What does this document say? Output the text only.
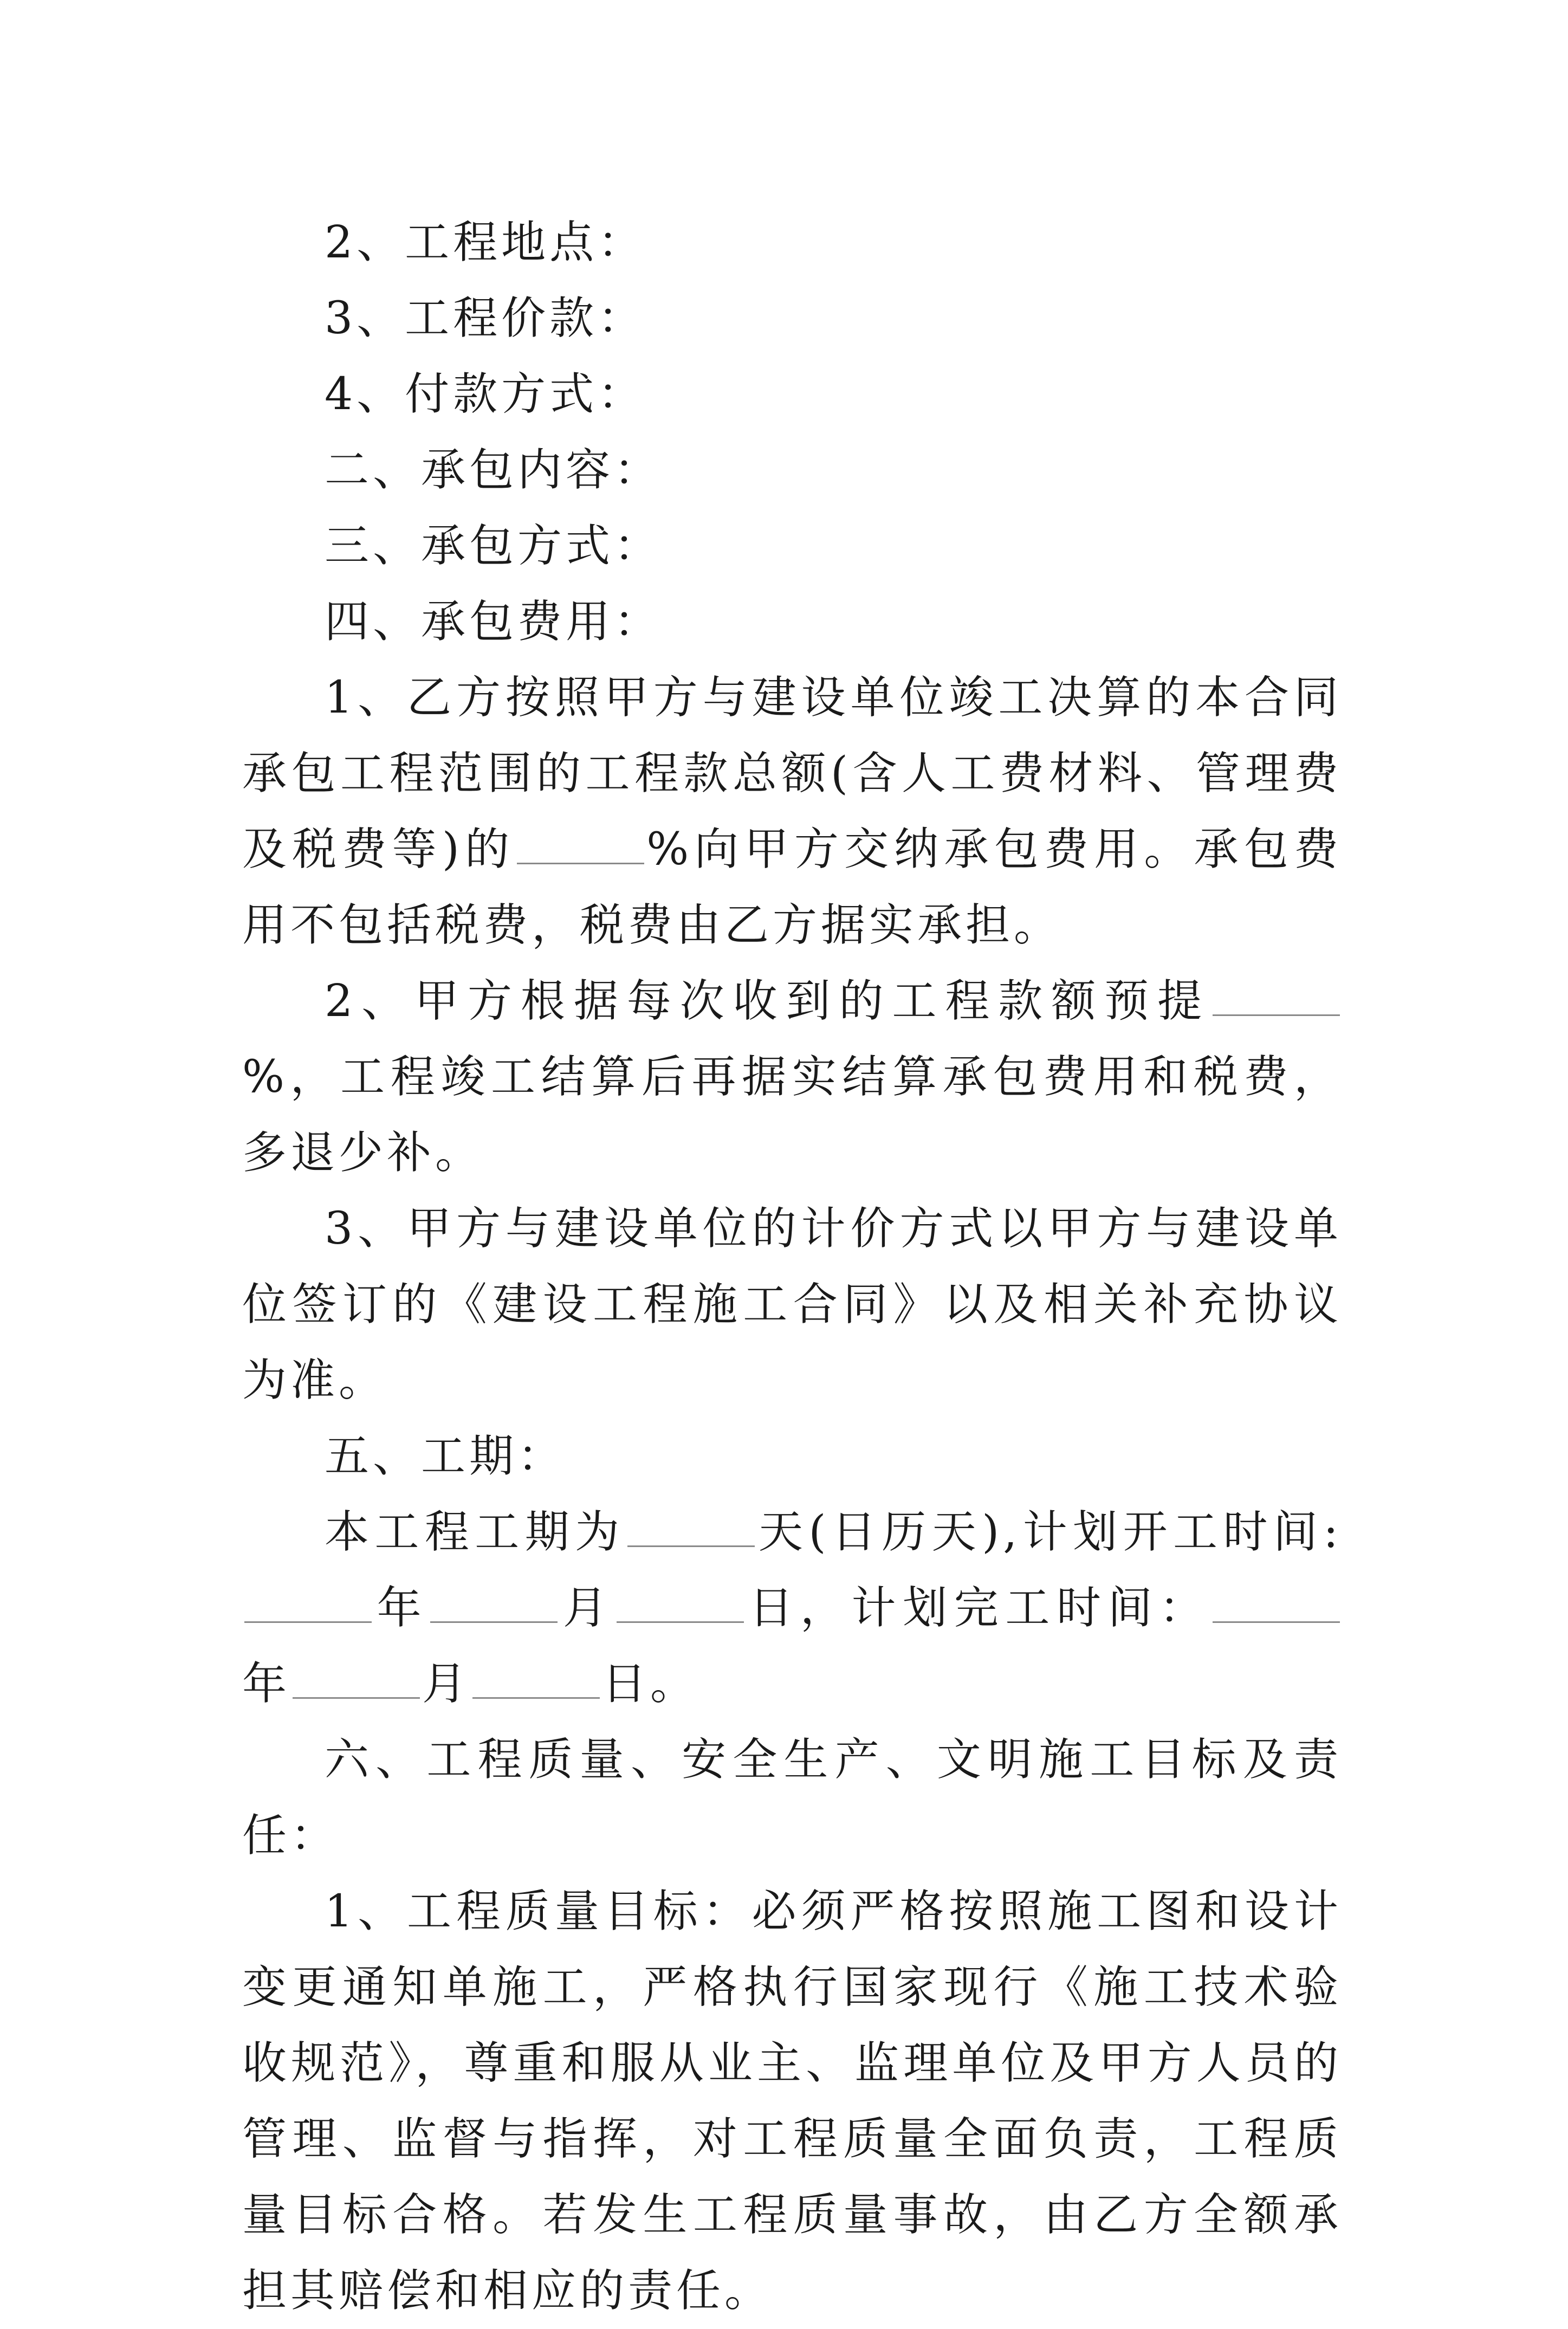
2、工程地点：

3、工程价款：

4、付款方式：

二、承包内容：

三、承包方式：

四、承包费用：

1、乙方按照甲方与建设单位竣工决算的本合同承包工程范围的工程款总额(含人工费材料、管理费及税费等)的	%向甲方交纳承包费用。承包费用不包括税费，税费由乙方据实承担。

2、甲方根据每次收到的工程款额预提%，工程竣工结算后再据实结算承包费用和税费，多退少补。

3、甲方与建设单位的计价方式以甲方与建设单位签订的《建设工程施工合同》以及相关补充协议为准。

五、工期：

本工程工期为	天(日历天),计划开工时间:年	月	日，计划完工时间：年	月	日。

六、工程质量、安全生产、文明施工目标及责任：

1、工程质量目标：必须严格按照施工图和设计变更通知单施工，严格执行国家现行《施工技术验收规范》，尊重和服从业主、监理单位及甲方人员的管理、监督与指挥，对工程质量全面负责，工程质量目标合格。若发生工程质量事故，由乙方全额承担其赔偿和相应的责任。
